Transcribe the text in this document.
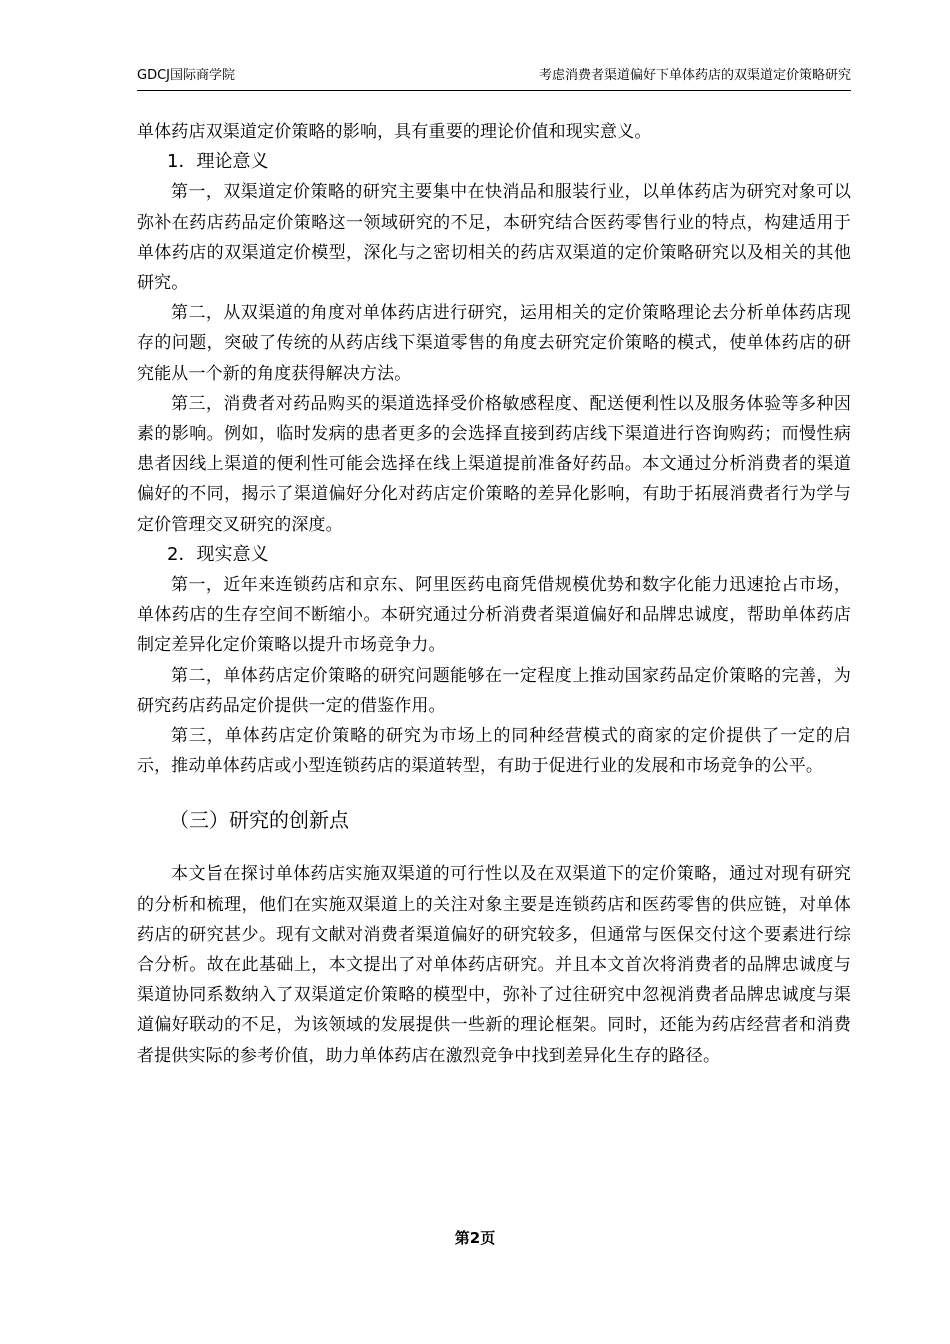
GDCJ国际商学院	考虑消费者渠道偏好下单体药店的双渠道定价策略研究

单体药店双渠道定价策略的影响，具有重要的理论价值和现实意义。

1．理论意义

第一，双渠道定价策略的研究主要集中在快消品和服装行业，以单体药店为研究对象可以弥补在药店药品定价策略这一领域研究的不足，本研究结合医药零售行业的特点，构建适用于单体药店的双渠道定价模型，深化与之密切相关的药店双渠道的定价策略研究以及相关的其他研究。

第二，从双渠道的角度对单体药店进行研究，运用相关的定价策略理论去分析单体药店现存的问题，突破了传统的从药店线下渠道零售的角度去研究定价策略的模式，使单体药店的研究能从一个新的角度获得解决方法。

第三，消费者对药品购买的渠道选择受价格敏感程度、配送便利性以及服务体验等多种因素的影响。例如，临时发病的患者更多的会选择直接到药店线下渠道进行咨询购药；而慢性病患者因线上渠道的便利性可能会选择在线上渠道提前准备好药品。本文通过分析消费者的渠道偏好的不同，揭示了渠道偏好分化对药店定价策略的差异化影响，有助于拓展消费者行为学与定价管理交叉研究的深度。

2．现实意义

第一，近年来连锁药店和京东、阿里医药电商凭借规模优势和数字化能力迅速抢占市场，单体药店的生存空间不断缩小。本研究通过分析消费者渠道偏好和品牌忠诚度，帮助单体药店制定差异化定价策略以提升市场竞争力。

第二，单体药店定价策略的研究问题能够在一定程度上推动国家药品定价策略的完善，为研究药店药品定价提供一定的借鉴作用。

第三，单体药店定价策略的研究为市场上的同种经营模式的商家的定价提供了一定的启示，推动单体药店或小型连锁药店的渠道转型，有助于促进行业的发展和市场竞争的公平。

（三）研究的创新点

本文旨在探讨单体药店实施双渠道的可行性以及在双渠道下的定价策略，通过对现有研究的分析和梳理，他们在实施双渠道上的关注对象主要是连锁药店和医药零售的供应链，对单体药店的研究甚少。现有文献对消费者渠道偏好的研究较多，但通常与医保交付这个要素进行综合分析。故在此基础上，本文提出了对单体药店研究。并且本文首次将消费者的品牌忠诚度与渠道协同系数纳入了双渠道定价策略的模型中，弥补了过往研究中忽视消费者品牌忠诚度与渠道偏好联动的不足，为该领域的发展提供一些新的理论框架。同时，还能为药店经营者和消费者提供实际的参考价值，助力单体药店在激烈竞争中找到差异化生存的路径。

第2页
